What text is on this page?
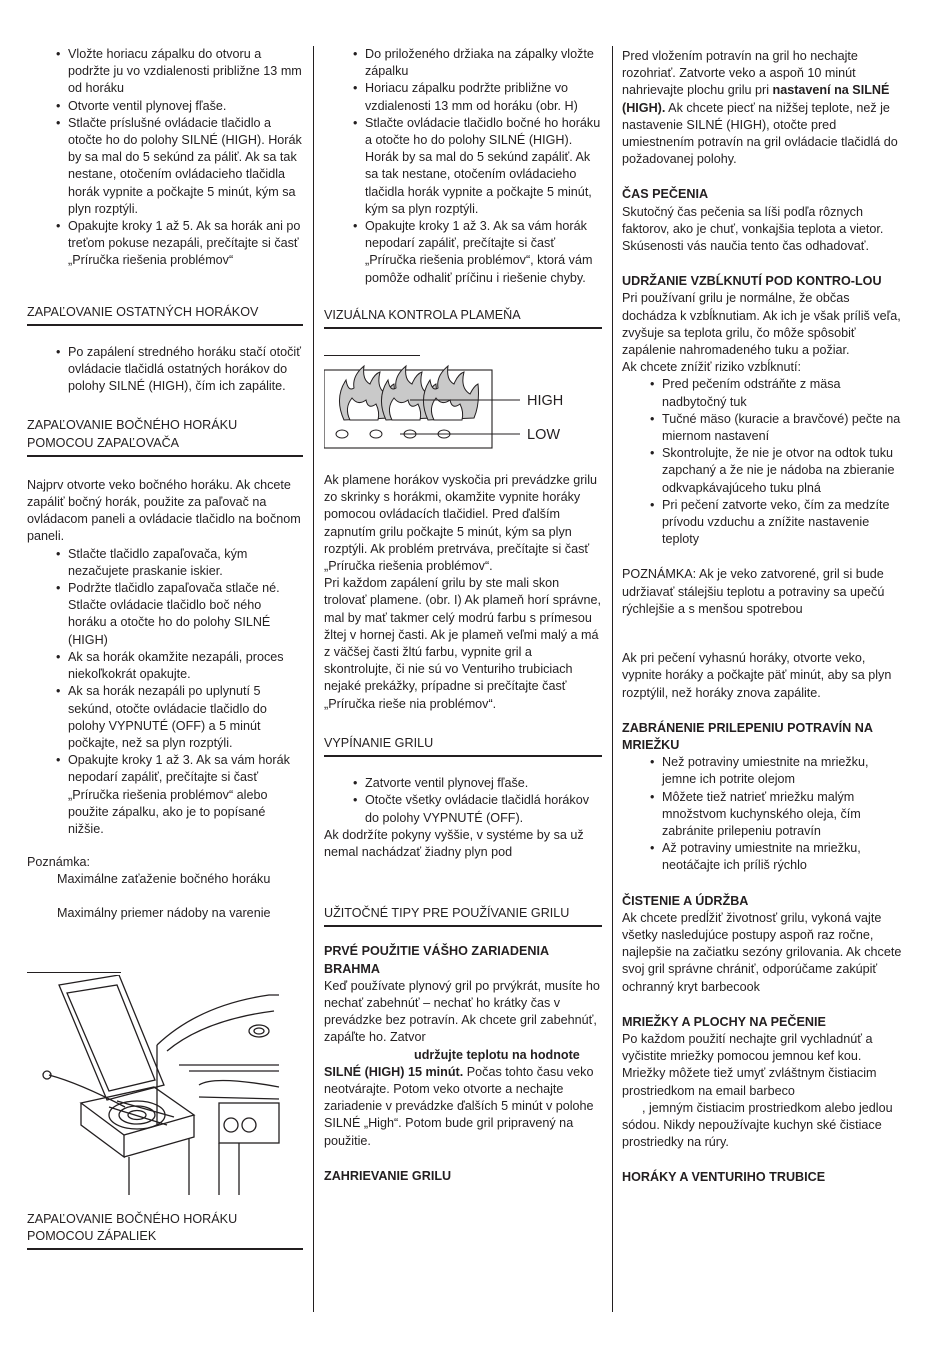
• Vložte horiacu zápalku do otvoru a podržte ju vo vzdialenosti približne 13 mm od horáku
• Otvorte ventil plynovej fľaše.
• Stlačte príslušné ovládacie tlačidlo a otočte ho do polohy SILNÉ (HIGH). Horák by sa mal do 5 sekúnd za páliť. Ak sa tak nestane, otočením ovládacieho tlačidla horák vypnite a počkajte 5 minút, kým sa plyn rozptýli.
• Opakujte kroky 1 až 5. Ak sa horák ani po treťom pokuse nezapáli, prečítajte si časť „Príručka riešenia problémov“
ZAPAĽOVANIE OSTATNÝCH HORÁKOV
• Po zapálení stredného horáku stačí otočiť ovládacie tlačidlá ostatných horákov do polohy SILNÉ (HIGH), čím ich zapálite.
ZAPAĽOVANIE BOČNÉHO HORÁKU POMOCOU ZAPAĽOVAČA

Najprv otvorte veko bočného horáku. Ak chcete zapáliť bočný horák, použite za paľovač na ovládacom paneli a ovládacie tlačidlo na bočnom paneli.

• Stlačte tlačidlo zapaľovača, kým nezačujete praskanie iskier.
• Podržte tlačidlo zapaľovača stlače né. Stlačte ovládacie tlačidlo boč ného horáku a otočte ho do polohy SILNÉ (HIGH)
• Ak sa horák okamžite nezapáli, proces niekoľkokrát opakujte.
• Ak sa horák nezapáli po uplynutí 5 sekúnd, otočte ovládacie tlačidlo do polohy VYPNUTÉ (OFF) a 5 minút počkajte, než sa plyn rozptýli.
• Opakujte kroky 1 až 3. Ak sa vám horák nepodarí zapáliť, prečítajte si časť „Príručka riešenia problémov“ alebo použite zápalku, ako je to popísané nižšie.

Poznámka:

Maximálne zaťaženie bočného horáku

Maximálny priemer nádoby na varenie

ZAPAĽOVANIE BOČNÉHO HORÁKU POMOCOU ZÁPALIEK
• Do priloženého držiaka na zápalky vložte zápalku
• Horiacu zápalku podržte približne vo vzdialenosti 13 mm od horáku (obr. H)
• Stlačte ovládacie tlačidlo bočné ho horáku a otočte ho do polohy SILNÉ (HIGH). Horák by sa mal do 5 sekúnd zapáliť. Ak sa tak nestane, otočením ovládacieho tlačidla horák vypnite a počkajte 5 minút, kým sa plyn rozptýli.
• Opakujte kroky 1 až 3. Ak sa vám horák nepodarí zapáliť, prečítajte si časť „Príručka riešenia problémov“, ktorá vám pomôže odhaliť príčinu i riešenie chyby.
VIZUÁLNA KONTROLA PLAMEŇA
HIGH
LOW

Ak plamene horákov vyskočia pri prevádzke grilu zo skrinky s horákmi, okamžite vypnite horáky pomocou ovládacích tlačidiel. Pred ďalším zapnutím grilu počkajte 5 minút, kým sa plyn rozptýli. Ak problém pretrváva, prečítajte si časť „Príručka riešenia problémov“.

Pri každom zapálení grilu by ste mali skon trolovať plamene. (obr. I) Ak plameň horí správne, mal by mať takmer celý modrú farbu s prímesou žltej v hornej časti. Ak je plameň veľmi malý a má z väčšej časti žltú farbu, vypnite gril a skontrolujte, či nie sú vo Venturiho trubiciach nejaké prekážky, prípadne si prečítajte časť „Príručka rieše nia problémov“.

VYPÍNANIE GRILU
• Zatvorte ventil plynovej fľaše.
• Otočte všetky ovládacie tlačidlá horákov do polohy VYPNUTÉ (OFF).

Ak dodržíte pokyny vyššie, v systéme by sa už nemal nachádzať žiadny plyn pod

UŽITOČNÉ TIPY PRE POUŽÍVANIE GRILU
PRVÉ POUŽITIE VÁŠHO ZARIADENIA BRAHMA

Keď používate plynový gril po prvýkrát, musíte ho nechať zabehnúť – nechať ho krátky čas v prevádzke bez potravín. Ak chcete gril zabehnúť, zapáľte ho. Zatvor
udržujte teplotu na hodnote
SILNÉ (HIGH) 15 minút. Počas tohto času veko neotvárajte. Potom veko otvorte a nechajte zariadenie v prevádzke ďalších 5 minút v polohe SILNÉ „High“. Potom bude gril pripravený na použitie.

ZAHRIEVANIE GRILU

Pred vložením potravín na gril ho nechajte rozohriať. Zatvorte veko a aspoň 10 minút nahrievajte plochu grilu pri nastavení na SILNÉ (HIGH). Ak chcete piecť na nižšej teplote, než je nastavenie SILNÉ (HIGH), otočte pred umiestnením potravín na gril ovládacie tlačidlá do požadovanej polohy.

ČAS PEČENIA

Skutočný čas pečenia sa líši podľa rôznych faktorov, ako je chuť, vonkajšia teplota a vietor. Skúsenosti vás naučia tento čas odhadovať.

UDRŽANIE VZBĹKNUTÍ POD KONTRO-LOU

Pri používaní grilu je normálne, že občas dochádza k vzbĺknutiam. Ak ich je však príliš veľa, zvyšuje sa teplota grilu, čo môže spôsobiť zapálenie nahromadeného tuku a požiar.

Ak chcete znížiť riziko vzbĺknutí:

• Pred pečením odstráňte z mäsa nadbytočný tuk
• Tučné mäso (kuracie a bravčové) pečte na miernom nastavení
• Skontrolujte, že nie je otvor na odtok tuku zapchaný a že nie je nádoba na zbieranie odkvapkávajúceho tuku plná
• Pri pečení zatvorte veko, čím za medzíte prívodu vzduchu a znížite nastavenie teploty

POZNÁMKA: Ak je veko zatvorené, gril si bude udržiavať stálejšiu teplotu a potraviny sa upečú rýchlejšie a s menšou spotrebou

Ak pri pečení vyhasnú horáky, otvorte veko, vypnite horáky a počkajte päť minút, aby sa plyn rozptýlil, než horáky znova zapálite.

ZABRÁNENIE PRILEPENIU POTRAVÍN NA MRIEŽKU
• Než potraviny umiestnite na mriežku, jemne ich potrite olejom
• Môžete tiež natrieť mriežku malým množstvom kuchynského oleja, čím zabránite prilepeniu potravín
• Až potraviny umiestnite na mriežku, neotáčajte ich príliš rýchlo
ČISTENIE A ÚDRŽBA

Ak chcete predĺžiť životnosť grilu, vykoná vajte všetky nasledujúce postupy aspoň raz ročne, najlepšie na začiatku sezóny grilovania. Ak chcete svoj gril správne chrániť, odporúčame zakúpiť ochranný kryt barbecook

MRIEŽKY A PLOCHY NA PEČENIE

Po každom použití nechajte gril vychladnúť a vyčistite mriežky pomocou jemnou kef kou. Mriežky môžete tiež umyť zvláštnym čistiacim prostriedkom na email barbeco
, jemným čistiacim prostriedkom alebo jedlou sódou. Nikdy nepoužívajte kuchyn ské čistiace prostriedky na rúry.

HORÁKY A VENTURIHO TRUBICE
